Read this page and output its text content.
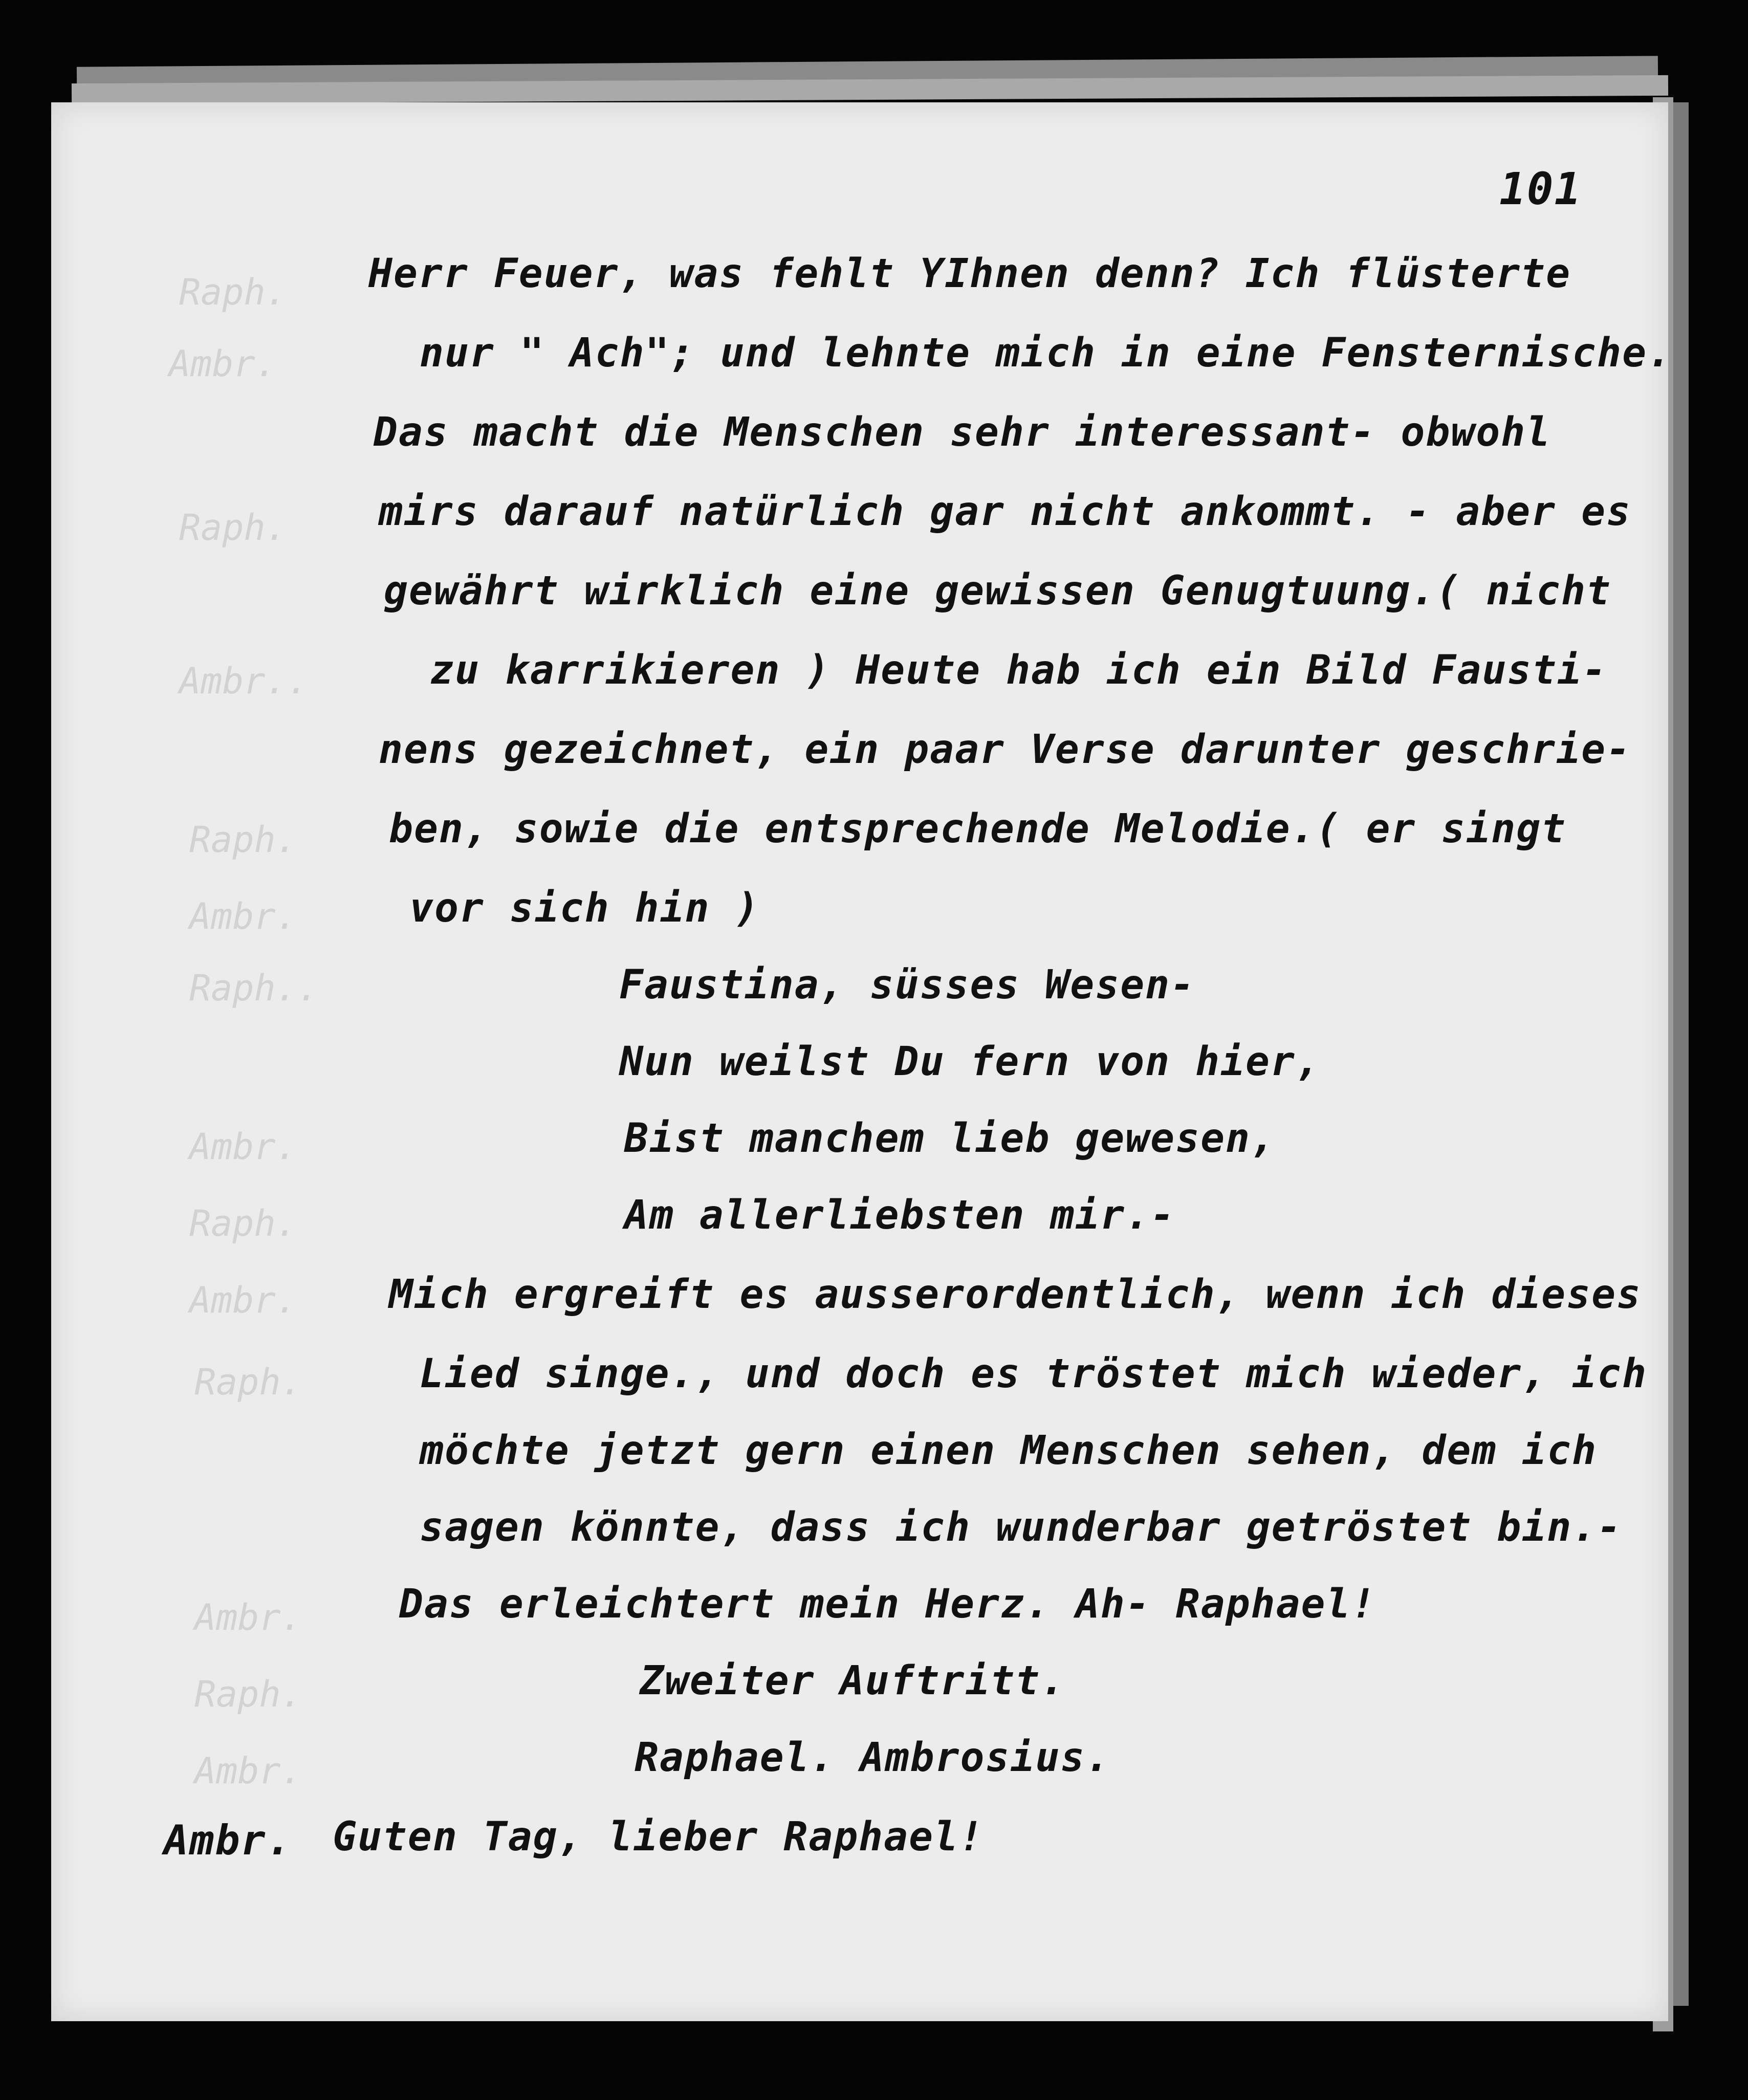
Raph.
Ambr.
Raph.
Ambr..
Raph.
Ambr.
Raph..
Ambr.
Raph.
Ambr.
Raph.
Ambr.
Raph.
Ambr.
101
Herr Feuer, was fehlt YIhnen denn? Ich flüsterte
nur " Ach"; und lehnte mich in eine Fensternische.
Das macht die Menschen sehr interessant- obwohl
mirs darauf natürlich gar nicht ankommt. - aber es
gewährt wirklich eine gewissen Genugtuung.( nicht
zu karrikieren ) Heute hab ich ein Bild Fausti-
nens gezeichnet, ein paar Verse darunter geschrie-
ben, sowie die entsprechende Melodie.( er singt
vor sich hin )
Faustina, süsses Wesen-
Nun weilst Du fern von hier,
Bist manchem lieb gewesen,
Am allerliebsten mir.-
Mich ergreift es ausserordentlich, wenn ich dieses
Lied singe., und doch es tröstet mich wieder, ich
möchte jetzt gern einen Menschen sehen, dem ich
sagen könnte, dass ich wunderbar getröstet bin.-
Das erleichtert mein Herz. Ah- Raphael!
Zweiter Auftritt.
Raphael. Ambrosius.
Ambr. Guten Tag, lieber Raphael!
